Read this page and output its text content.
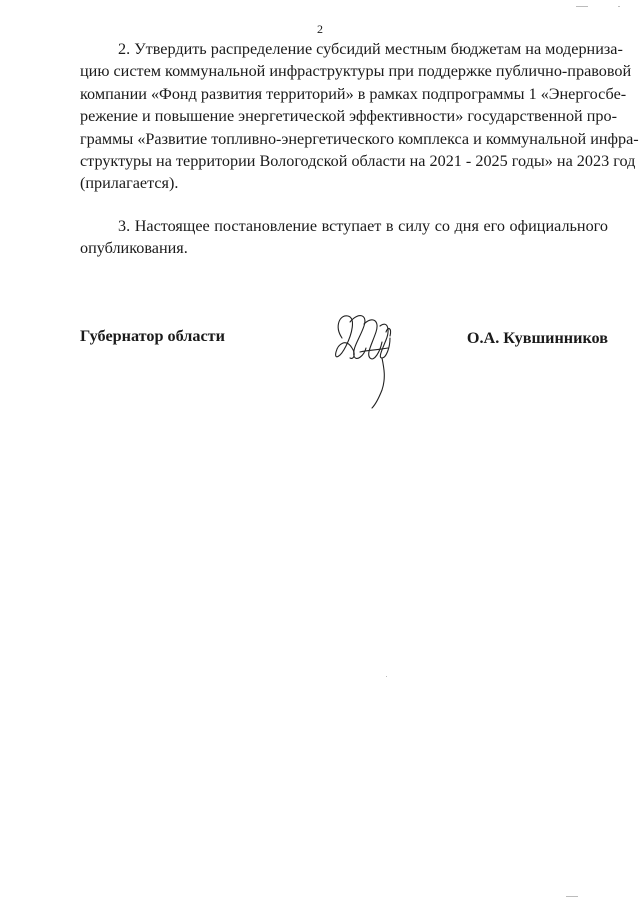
2
2. Утвердить распределение субсидий местным бюджетам на модерниза-
цию систем коммунальной инфраструктуры при поддержке публично-правовой
компании «Фонд развития территорий» в рамках подпрограммы 1 «Энергосбе-
режение и повышение энергетической эффективности» государственной про-
граммы «Развитие топливно-энергетического комплекса и коммунальной инфра-
структуры на территории Вологодской области на 2021 - 2025 годы» на 2023 год
(прилагается).
3. Настоящее постановление вступает в силу со дня его официального
опубликования.
Губернатор области	О.А. Кувшинников
